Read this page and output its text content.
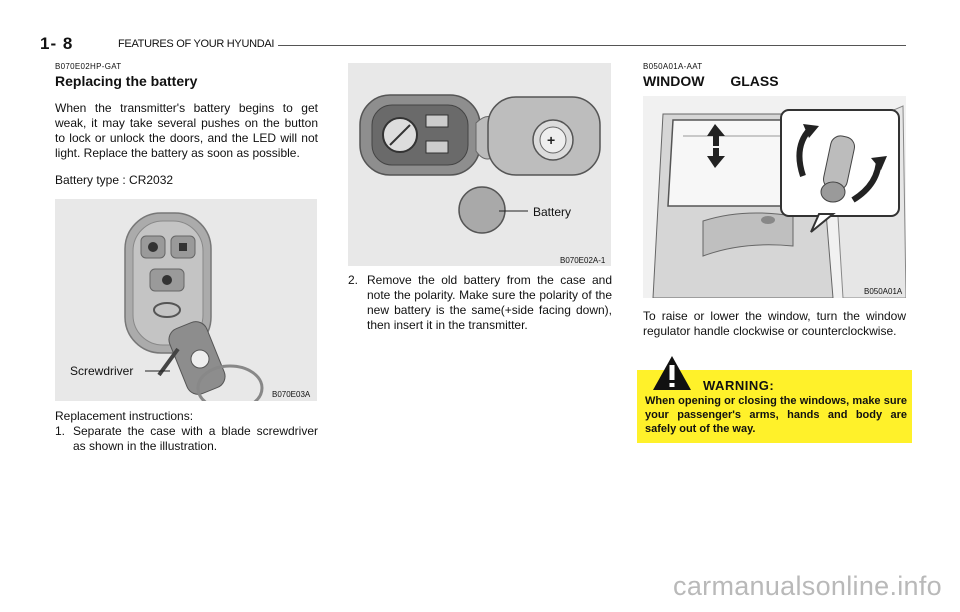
1- 8	FEATURES OF YOUR HYUNDAI
B070E02HP-GAT
Replacing the battery
When the transmitter's battery begins to get weak, it may take several pushes on the button to lock or unlock the doors, and the LED will not light. Replace the battery as soon as possible.
Battery type : CR2032
Screwdriver
B070E03A
Replacement instructions:
1. Separate the case with a blade screwdriver as shown in the illustration.
+
Battery
B070E02A-1
2. Remove the old battery from the case and note the polarity. Make sure the polarity of the new battery is the same(+side facing down), then insert it in the transmitter.
B050A01A-AAT
WINDOW GLASS
B050A01A
To raise or lower the window, turn the window regulator handle clockwise or counterclockwise.
WARNING:
When opening or closing the windows, make sure your passenger's arms, hands and body are safely out of the way.
carmanualsonline.info
